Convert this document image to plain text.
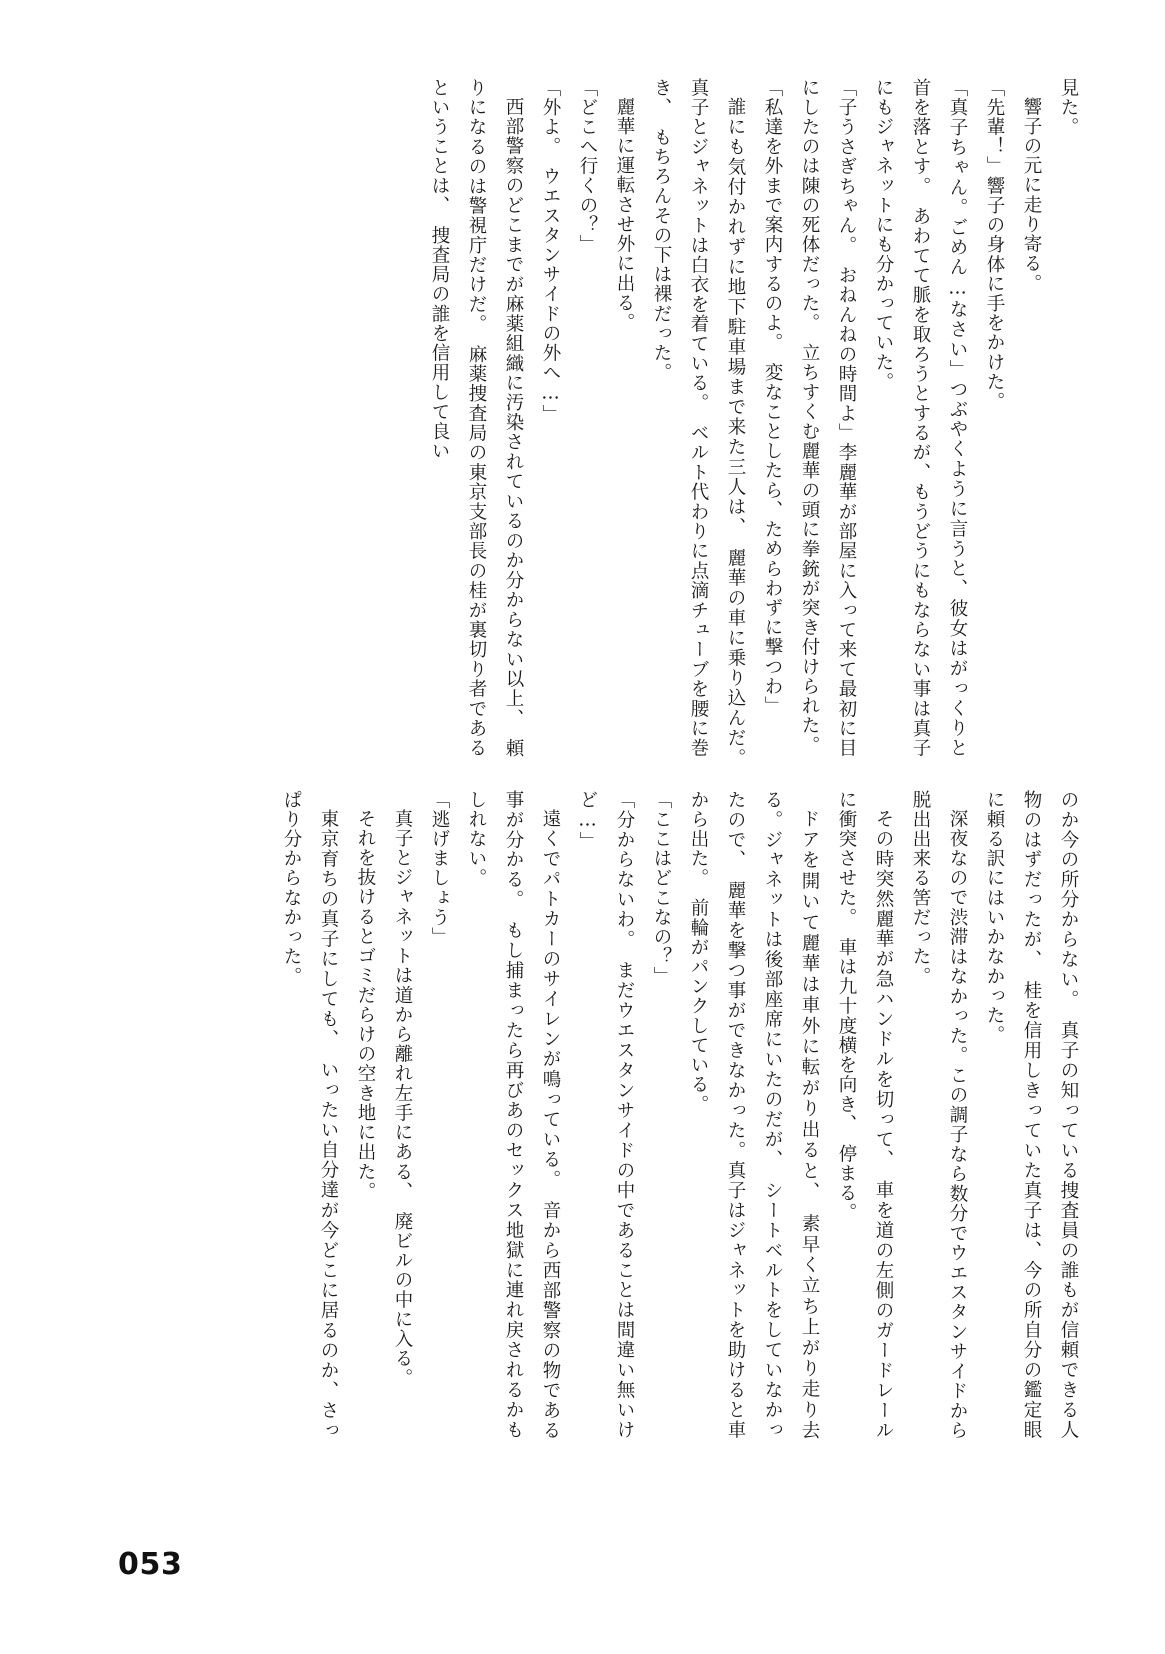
見た。

響子の元に走り寄る。

「先輩！」響子の身体に手をかけた。

「真子ちゃん。ごめん…なさい」つぶやくように言うと、彼女はがっくりと首を落とす。　あわてて脈を取ろうとするが、もうどうにもならない事は真子にもジャネットにも分かっていた。

「子うさぎちゃん。　おねんねの時間よ」李麗華が部屋に入って来て最初に目にしたのは陳の死体だった。　立ちすくむ麗華の頭に拳銃が突き付けられた。

「私達を外まで案内するのよ。　変なことしたら、ためらわずに撃つわ」

誰にも気付かれずに地下駐車場まで来た三人は、　麗華の車に乗り込んだ。　真子とジャネットは白衣を着ている。　ベルト代わりに点滴チューブを腰に巻き、　もちろんその下は裸だった。

麗華に運転させ外に出る。

「どこへ行くの？」

「外よ。　ウエスタンサイドの外へ…」

西部警察のどこまでが麻薬組織に汚染されているのか分からない以上、　頼りになるのは警視庁だけだ。　麻薬捜査局の東京支部長の桂が裏切り者であるということは、　捜査局の誰を信用して良い

のか今の所分からない。　真子の知っている捜査員の誰もが信頼できる人物のはずだったが、　桂を信用しきっていた真子は、今の所自分の鑑定眼に頼る訳にはいかなかった。

深夜なので渋滞はなかった。この調子なら数分でウエスタンサイドから脱出出来る筈だった。

その時突然麗華が急ハンドルを切って、　車を道の左側のガードレールに衝突させた。　車は九十度横を向き、　停まる。

ドアを開いて麗華は車外に転がり出ると、　素早く立ち上がり走り去る。ジャネットは後部座席にいたのだが、　シートベルトをしていなかったので、　麗華を撃つ事ができなかった。真子はジャネットを助けると車から出た。　前輪がパンクしている。

「ここはどこなの？」

「分からないわ。　まだウエスタンサイドの中であることは間違い無いけど…」

遠くでパトカーのサイレンが鳴っている。　音から西部警察の物である事が分かる。　もし捕まったら再びあのセックス地獄に連れ戻されるかもしれない。

「逃げましょう」

真子とジャネットは道から離れ左手にある、　廃ビルの中に入る。

それを抜けるとゴミだらけの空き地に出た。

東京育ちの真子にしても、　いったい自分達が今どこに居るのか、さっぱり分からなかった。

053
